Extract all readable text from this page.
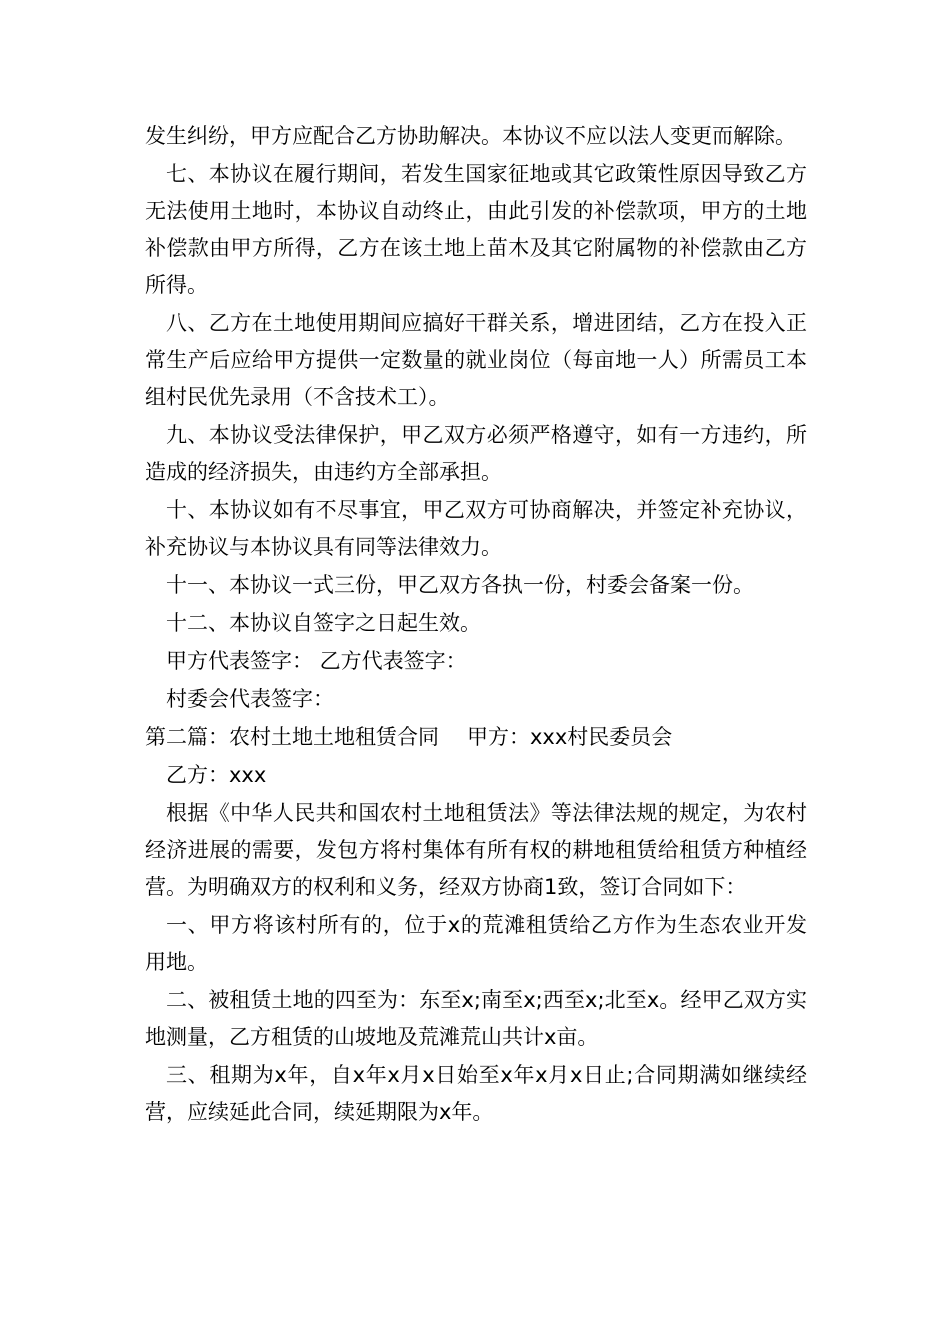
发生纠纷，甲方应配合乙方协助解决。本协议不应以法人变更而解除。

七、本协议在履行期间，若发生国家征地或其它政策性原因导致乙方无法使用土地时，本协议自动终止，由此引发的补偿款项，甲方的土地补偿款由甲方所得，乙方在该土地上苗木及其它附属物的补偿款由乙方所得。

八、乙方在土地使用期间应搞好干群关系，增进团结，乙方在投入正常生产后应给甲方提供一定数量的就业岗位（每亩地一人）所需员工本组村民优先录用（不含技术工）。

九、本协议受法律保护，甲乙双方必须严格遵守，如有一方违约，所造成的经济损失，由违约方全部承担。

十、本协议如有不尽事宜，甲乙双方可协商解决，并签定补充协议，补充协议与本协议具有同等法律效力。

十一、本协议一式三份，甲乙双方各执一份，村委会备案一份。

十二、本协议自签字之日起生效。

甲方代表签字： 乙方代表签字：

村委会代表签字：

第二篇：农村土地土地租赁合同 甲方：xxx村民委员会

乙方：xxx

根据《中华人民共和国农村土地租赁法》等法律法规的规定，为农村经济进展的需要，发包方将村集体有所有权的耕地租赁给租赁方种植经营。为明确双方的权利和义务，经双方协商1致，签订合同如下：

一、甲方将该村所有的，位于x的荒滩租赁给乙方作为生态农业开发用地。

二、被租赁土地的四至为：东至x;南至x;西至x;北至x。经甲乙双方实地测量，乙方租赁的山坡地及荒滩荒山共计x亩。

三、租期为x年，自x年x月x日始至x年x月x日止;合同期满如继续经营，应续延此合同，续延期限为x年。
